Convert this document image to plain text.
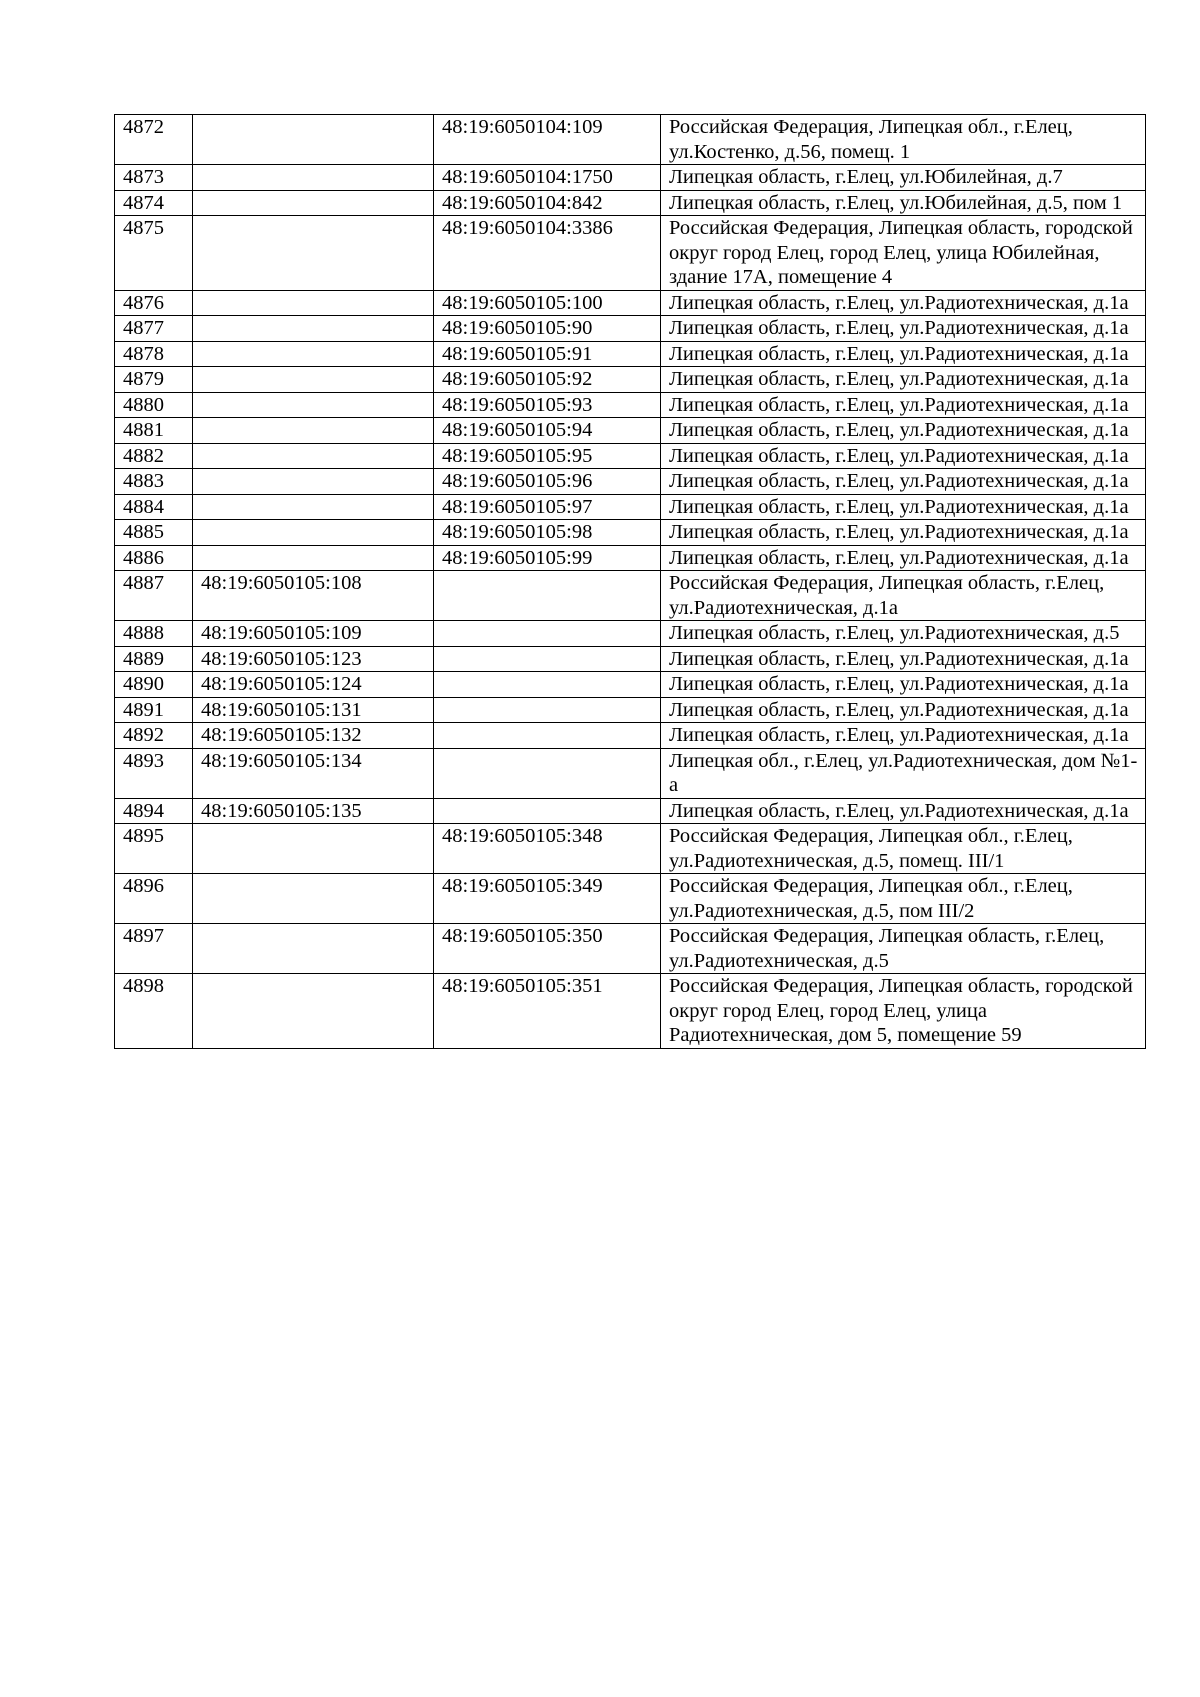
4872		48:19:6050104:109	Российская Федерация, Липецкая обл., г.Елец, ул.Костенко, д.56, помещ. 1
4873		48:19:6050104:1750	Липецкая область, г.Елец, ул.Юбилейная, д.7
4874		48:19:6050104:842	Липецкая область, г.Елец, ул.Юбилейная, д.5, пом 1
4875		48:19:6050104:3386	Российская Федерация, Липецкая область, городской округ город Елец, город Елец, улица Юбилейная, здание 17А, помещение 4
4876		48:19:6050105:100	Липецкая область, г.Елец, ул.Радиотехническая, д.1а
4877		48:19:6050105:90	Липецкая область, г.Елец, ул.Радиотехническая, д.1а
4878		48:19:6050105:91	Липецкая область, г.Елец, ул.Радиотехническая, д.1а
4879		48:19:6050105:92	Липецкая область, г.Елец, ул.Радиотехническая, д.1а
4880		48:19:6050105:93	Липецкая область, г.Елец, ул.Радиотехническая, д.1а
4881		48:19:6050105:94	Липецкая область, г.Елец, ул.Радиотехническая, д.1а
4882		48:19:6050105:95	Липецкая область, г.Елец, ул.Радиотехническая, д.1а
4883		48:19:6050105:96	Липецкая область, г.Елец, ул.Радиотехническая, д.1а
4884		48:19:6050105:97	Липецкая область, г.Елец, ул.Радиотехническая, д.1а
4885		48:19:6050105:98	Липецкая область, г.Елец, ул.Радиотехническая, д.1а
4886		48:19:6050105:99	Липецкая область, г.Елец, ул.Радиотехническая, д.1а
4887	48:19:6050105:108		Российская Федерация, Липецкая область, г.Елец, ул.Радиотехническая, д.1а
4888	48:19:6050105:109		Липецкая область, г.Елец, ул.Радиотехническая, д.5
4889	48:19:6050105:123		Липецкая область, г.Елец, ул.Радиотехническая, д.1а
4890	48:19:6050105:124		Липецкая область, г.Елец, ул.Радиотехническая, д.1а
4891	48:19:6050105:131		Липецкая область, г.Елец, ул.Радиотехническая, д.1а
4892	48:19:6050105:132		Липецкая область, г.Елец, ул.Радиотехническая, д.1а
4893	48:19:6050105:134		Липецкая обл., г.Елец, ул.Радиотехническая, дом №1-а
4894	48:19:6050105:135		Липецкая область, г.Елец, ул.Радиотехническая, д.1а
4895		48:19:6050105:348	Российская Федерация, Липецкая обл., г.Елец, ул.Радиотехническая, д.5, помещ. III/1
4896		48:19:6050105:349	Российская Федерация, Липецкая обл., г.Елец, ул.Радиотехническая, д.5, пом III/2
4897		48:19:6050105:350	Российская Федерация, Липецкая область, г.Елец, ул.Радиотехническая, д.5
4898		48:19:6050105:351	Российская Федерация, Липецкая область, городской округ город Елец, город Елец, улица Радиотехническая, дом 5, помещение 59
